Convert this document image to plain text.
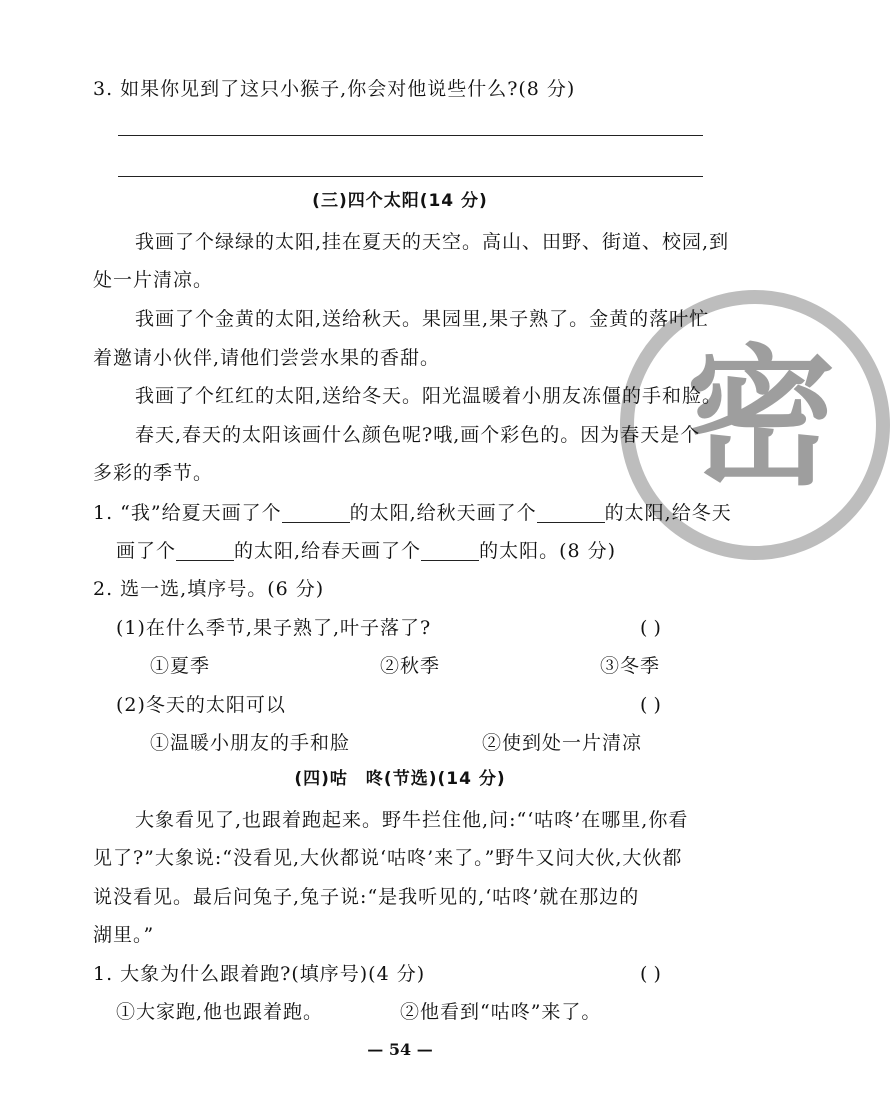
密
3. 如果你见到了这只小猴子,你会对他说些什么?(8 分)
(三)四个太阳(14 分)
我画了个绿绿的太阳,挂在夏天的天空。高山、田野、街道、校园,到
处一片清凉。
我画了个金黄的太阳,送给秋天。果园里,果子熟了。金黄的落叶忙
着邀请小伙伴,请他们尝尝水果的香甜。
我画了个红红的太阳,送给冬天。阳光温暖着小朋友冻僵的手和脸。
春天,春天的太阳该画什么颜色呢?哦,画个彩色的。因为春天是个
多彩的季节。
1. “我”给夏天画了个	的太阳,给秋天画了个	的太阳,给冬天
画了个	的太阳,给春天画了个	的太阳。(8 分)
2. 选一选,填序号。(6 分)
(1)在什么季节,果子熟了,叶子落了?	( )
①夏季	②秋季	③冬季
(2)冬天的太阳可以	( )
①温暖小朋友的手和脸	②使到处一片清凉
(四)咕　咚(节选)(14 分)
大象看见了,也跟着跑起来。野牛拦住他,问:“‘咕咚’在哪里,你看
见了?”大象说:“没看见,大伙都说‘咕咚’来了。”野牛又问大伙,大伙都
说没看见。最后问兔子,兔子说:“是我听见的,‘咕咚’就在那边的
湖里。”
1. 大象为什么跟着跑?(填序号)(4 分)	( )
①大家跑,他也跟着跑。	②他看到“咕咚”来了。
— 54 —
